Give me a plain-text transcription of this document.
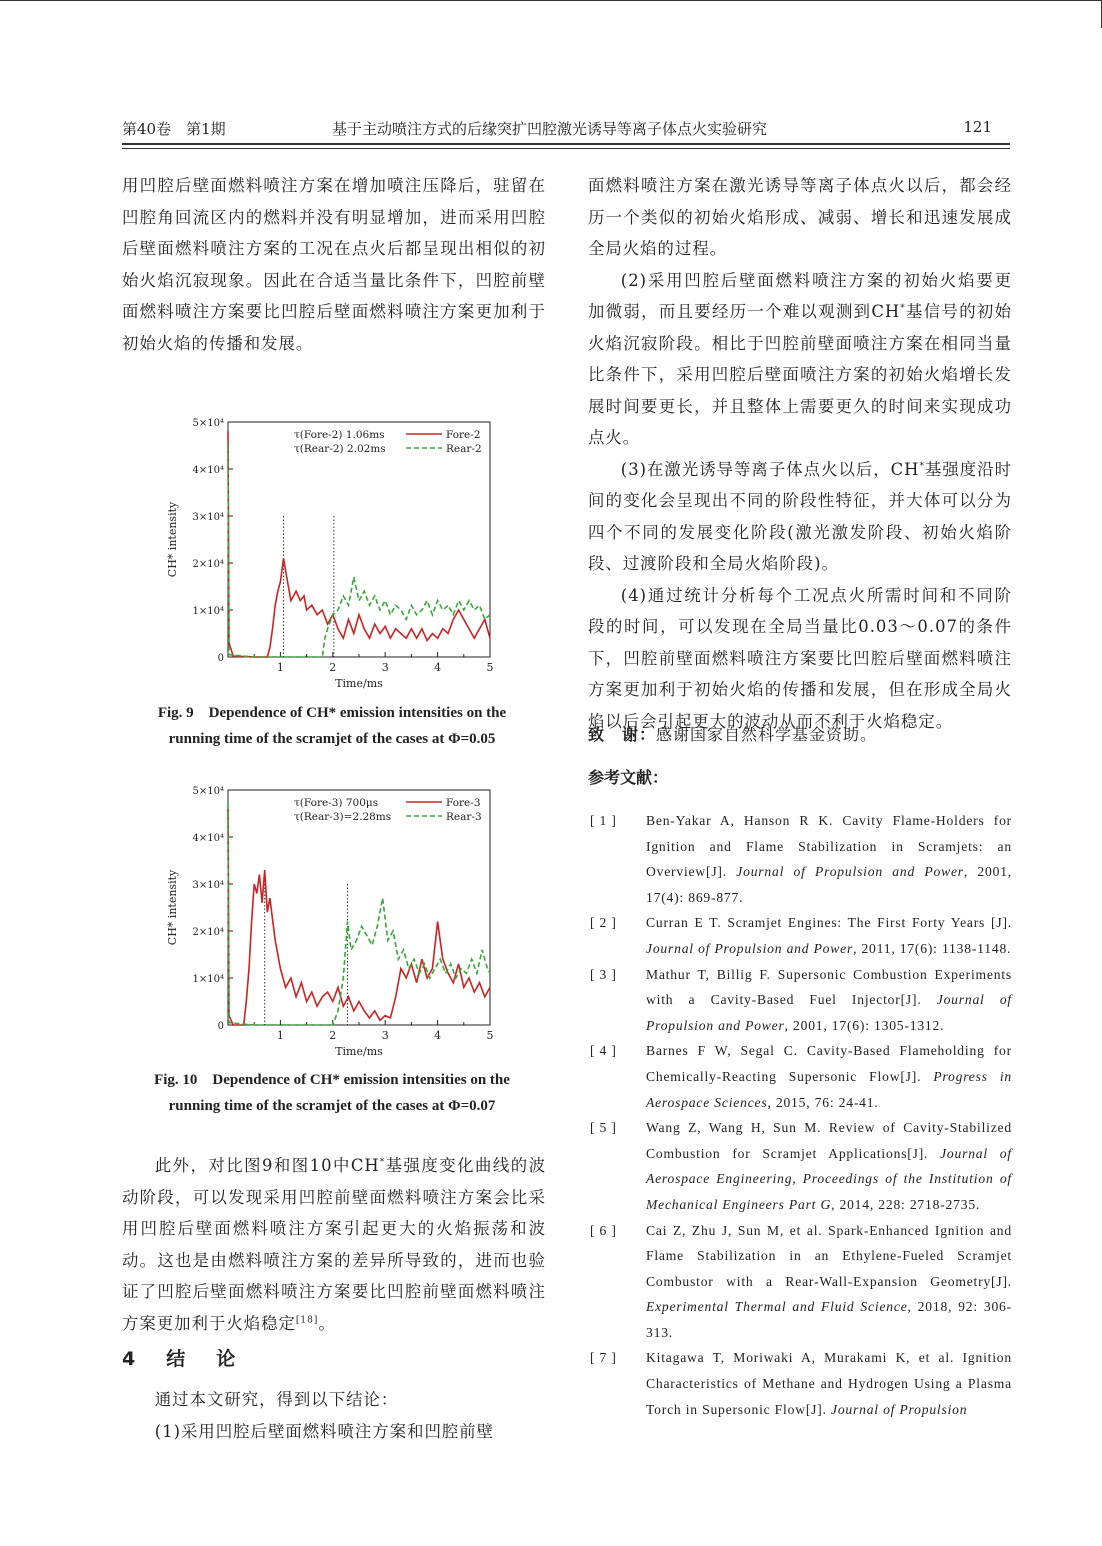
第40卷　第1期	基于主动喷注方式的后缘突扩凹腔激光诱导等离子体点火实验研究	121

用凹腔后壁面燃料喷注方案在增加喷注压降后，驻留在凹腔角回流区内的燃料并没有明显增加，进而采用凹腔后壁面燃料喷注方案的工况在点火后都呈现出相似的初始火焰沉寂现象。因此在合适当量比条件下，凹腔前壁面燃料喷注方案要比凹腔后壁面燃料喷注方案更加利于初始火焰的传播和发展。

0
1×10⁴
2×10⁴
3×10⁴
4×10⁴
5×10⁴
1	2	3	4	5
Time/ms
CH* intensity
τ(Fore-2) 1.06ms
τ(Rear-2) 2.02ms
Fore-2
Rear-2
Fig. 9　Dependence of CH* emission intensities on the
running time of the scramjet of the cases at Φ=0.05
0
1×10⁴
2×10⁴
3×10⁴
4×10⁴
5×10⁴
1	2	3	4	5
Time/ms
CH* intensity
τ(Fore-3) 700μs
τ(Rear-3)=2.28ms
Fore-3
Rear-3
Fig. 10　Dependence of CH* emission intensities on the
running time of the scramjet of the cases at Φ=0.07

此外，对比图9和图10中CH*基强度变化曲线的波动阶段，可以发现采用凹腔前壁面燃料喷注方案会比采用凹腔后壁面燃料喷注方案引起更大的火焰振荡和波动。这也是由燃料喷注方案的差异所导致的，进而也验证了凹腔后壁面燃料喷注方案要比凹腔前壁面燃料喷注方案更加利于火焰稳定[18]。

4　结　论

通过本文研究，得到以下结论：

(1)采用凹腔后壁面燃料喷注方案和凹腔前壁

面燃料喷注方案在激光诱导等离子体点火以后，都会经历一个类似的初始火焰形成、减弱、增长和迅速发展成全局火焰的过程。

(2)采用凹腔后壁面燃料喷注方案的初始火焰要更加微弱，而且要经历一个难以观测到CH*基信号的初始火焰沉寂阶段。相比于凹腔前壁面喷注方案在相同当量比条件下，采用凹腔后壁面喷注方案的初始火焰增长发展时间要更长，并且整体上需要更久的时间来实现成功点火。

(3)在激光诱导等离子体点火以后，CH*基强度沿时间的变化会呈现出不同的阶段性特征，并大体可以分为四个不同的发展变化阶段(激光激发阶段、初始火焰阶段、过渡阶段和全局火焰阶段)。

(4)通过统计分析每个工况点火所需时间和不同阶段的时间，可以发现在全局当量比0.03～0.07的条件下，凹腔前壁面燃料喷注方案要比凹腔后壁面燃料喷注方案更加利于初始火焰的传播和发展，但在形成全局火焰以后会引起更大的波动从而不利于火焰稳定。

致　谢：感谢国家自然科学基金资助。
参考文献：
[ 1 ] Ben-Yakar A, Hanson R K. Cavity Flame-Holders for Ignition and Flame Stabilization in Scramjets: an Overview[J]. Journal of Propulsion and Power, 2001, 17(4): 869-877.
[ 2 ] Curran E T. Scramjet Engines: The First Forty Years [J]. Journal of Propulsion and Power, 2011, 17(6): 1138-1148.
[ 3 ] Mathur T, Billig F. Supersonic Combustion Experiments with a Cavity-Based Fuel Injector[J]. Journal of Propulsion and Power, 2001, 17(6): 1305-1312.
[ 4 ] Barnes F W, Segal C. Cavity-Based Flameholding for Chemically-Reacting Supersonic Flow[J]. Progress in Aerospace Sciences, 2015, 76: 24-41.
[ 5 ] Wang Z, Wang H, Sun M. Review of Cavity-Stabilized Combustion for Scramjet Applications[J]. Journal of Aerospace Engineering, Proceedings of the Institution of Mechanical Engineers Part G, 2014, 228: 2718-2735.
[ 6 ] Cai Z, Zhu J, Sun M, et al. Spark-Enhanced Ignition and Flame Stabilization in an Ethylene-Fueled Scramjet Combustor with a Rear-Wall-Expansion Geometry[J]. Experimental Thermal and Fluid Science, 2018, 92: 306-313.
[ 7 ] Kitagawa T, Moriwaki A, Murakami K, et al. Ignition Characteristics of Methane and Hydrogen Using a Plasma Torch in Supersonic Flow[J]. Journal of Propulsion
